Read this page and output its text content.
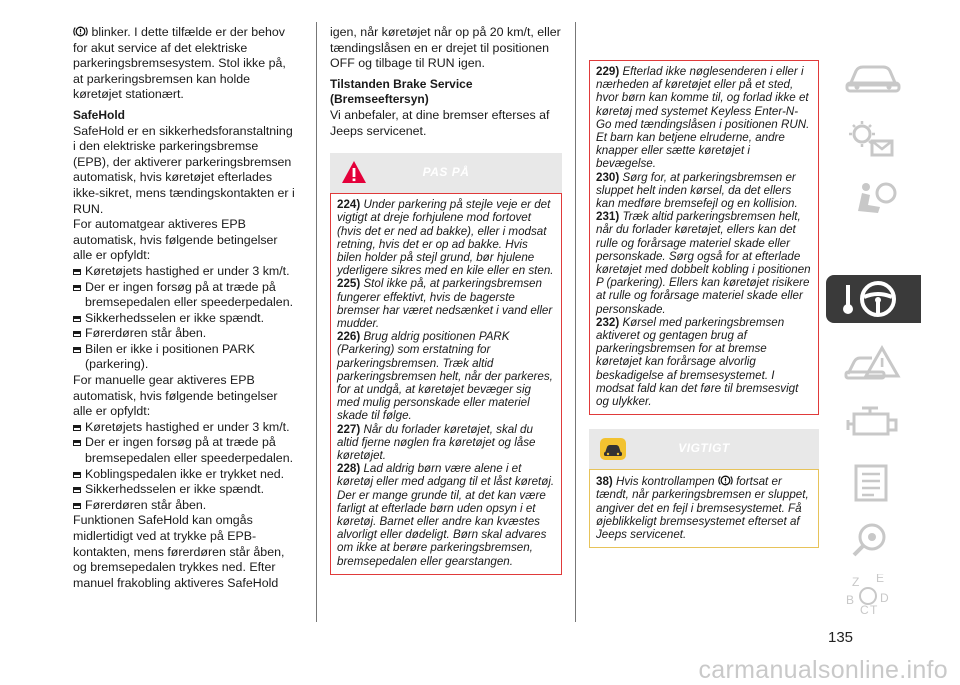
blinker. I dette tilfælde er der behov for akut service af det elektriske parkeringsbremsesystem. Stol ikke på, at parkeringsbremsen kan holde køretøjet stationært.

SafeHold

SafeHold er en sikkerhedsforanstaltning i den elektriske parkeringsbremse (EPB), der aktiverer parkeringsbremsen automatisk, hvis køretøjet efterlades ikke-sikret, mens tændingskontakten er i RUN.

For automatgear aktiveres EPB automatisk, hvis følgende betingelser alle er opfyldt:

Køretøjets hastighed er under 3 km/t.
Der er ingen forsøg på at træde på bremsepedalen eller speederpedalen.
Sikkerhedsselen er ikke spændt.
Førerdøren står åben.
Bilen er ikke i positionen PARK (parkering).

For manuelle gear aktiveres EPB automatisk, hvis følgende betingelser alle er opfyldt:

Køretøjets hastighed er under 3 km/t.
Der er ingen forsøg på at træde på bremsepedalen eller speederpedalen.
Koblingspedalen ikke er trykket ned.
Sikkerhedsselen er ikke spændt.
Førerdøren står åben.

Funktionen SafeHold kan omgås midlertidigt ved at trykke på EPB-kontakten, mens førerdøren står åben, og bremsepedalen trykkes ned. Efter manuel frakobling aktiveres SafeHold

igen, når køretøjet når op på 20 km/t, eller tændingslåsen en er drejet til positionen OFF og tilbage til RUN igen.

Tilstanden Brake Service (Bremseeftersyn)

Vi anbefaler, at dine bremser efterses af Jeeps servicenet.

PAS PÅ

224) Under parkering på stejle veje er det vigtigt at dreje forhjulene mod fortovet (hvis det er ned ad bakke), eller i modsat retning, hvis det er op ad bakke. Hvis bilen holder på stejl grund, bør hjulene yderligere sikres med en kile eller en sten.

225) Stol ikke på, at parkeringsbremsen fungerer effektivt, hvis de bagerste bremser har været nedsænket i vand eller mudder.

226) Brug aldrig positionen PARK (Parkering) som erstatning for parkeringsbremsen. Træk altid parkeringsbremsen helt, når der parkeres, for at undgå, at køretøjet bevæger sig med mulig personskade eller materiel skade til følge.

227) Når du forlader køretøjet, skal du altid fjerne nøglen fra køretøjet og låse køretøjet.

228) Lad aldrig børn være alene i et køretøj eller med adgang til et låst køretøj. Der er mange grunde til, at det kan være farligt at efterlade børn uden opsyn i et køretøj. Barnet eller andre kan kvæstes alvorligt eller dødeligt. Børn skal advares om ikke at berøre parkeringsbremsen, bremsepedalen eller gearstangen.

229) Efterlad ikke nøglesenderen i eller i nærheden af køretøjet eller på et sted, hvor børn kan komme til, og forlad ikke et køretøj med systemet Keyless Enter-N-Go med tændingslåsen i positionen RUN. Et barn kan betjene elruderne, andre knapper eller sætte køretøjet i bevægelse.

230) Sørg for, at parkeringsbremsen er sluppet helt inden kørsel, da det ellers kan medføre bremsefejl og en kollision.

231) Træk altid parkeringsbremsen helt, når du forlader køretøjet, ellers kan det rulle og forårsage materiel skade eller personskade. Sørg også for at efterlade køretøjet med dobbelt kobling i positionen P (parkering). Ellers kan køretøjet risikere at rulle og forårsage materiel skade eller personskade.

232) Kørsel med parkeringsbremsen aktiveret og gentagen brug af parkeringsbremsen for at bremse køretøjet kan forårsage alvorlig beskadigelse af bremsesystemet. I modsat fald kan det føre til bremsesvigt og ulykker.

VIGTIGT

38) Hvis kontrollampen fortsat er tændt, når parkeringsbremsen er sluppet, angiver det en fejl i bremsesystemet. Få øjeblikkeligt bremsesystemet efterset af Jeeps servicenet.

Z E
B
C
D
T
135
carmanualsonline.info
